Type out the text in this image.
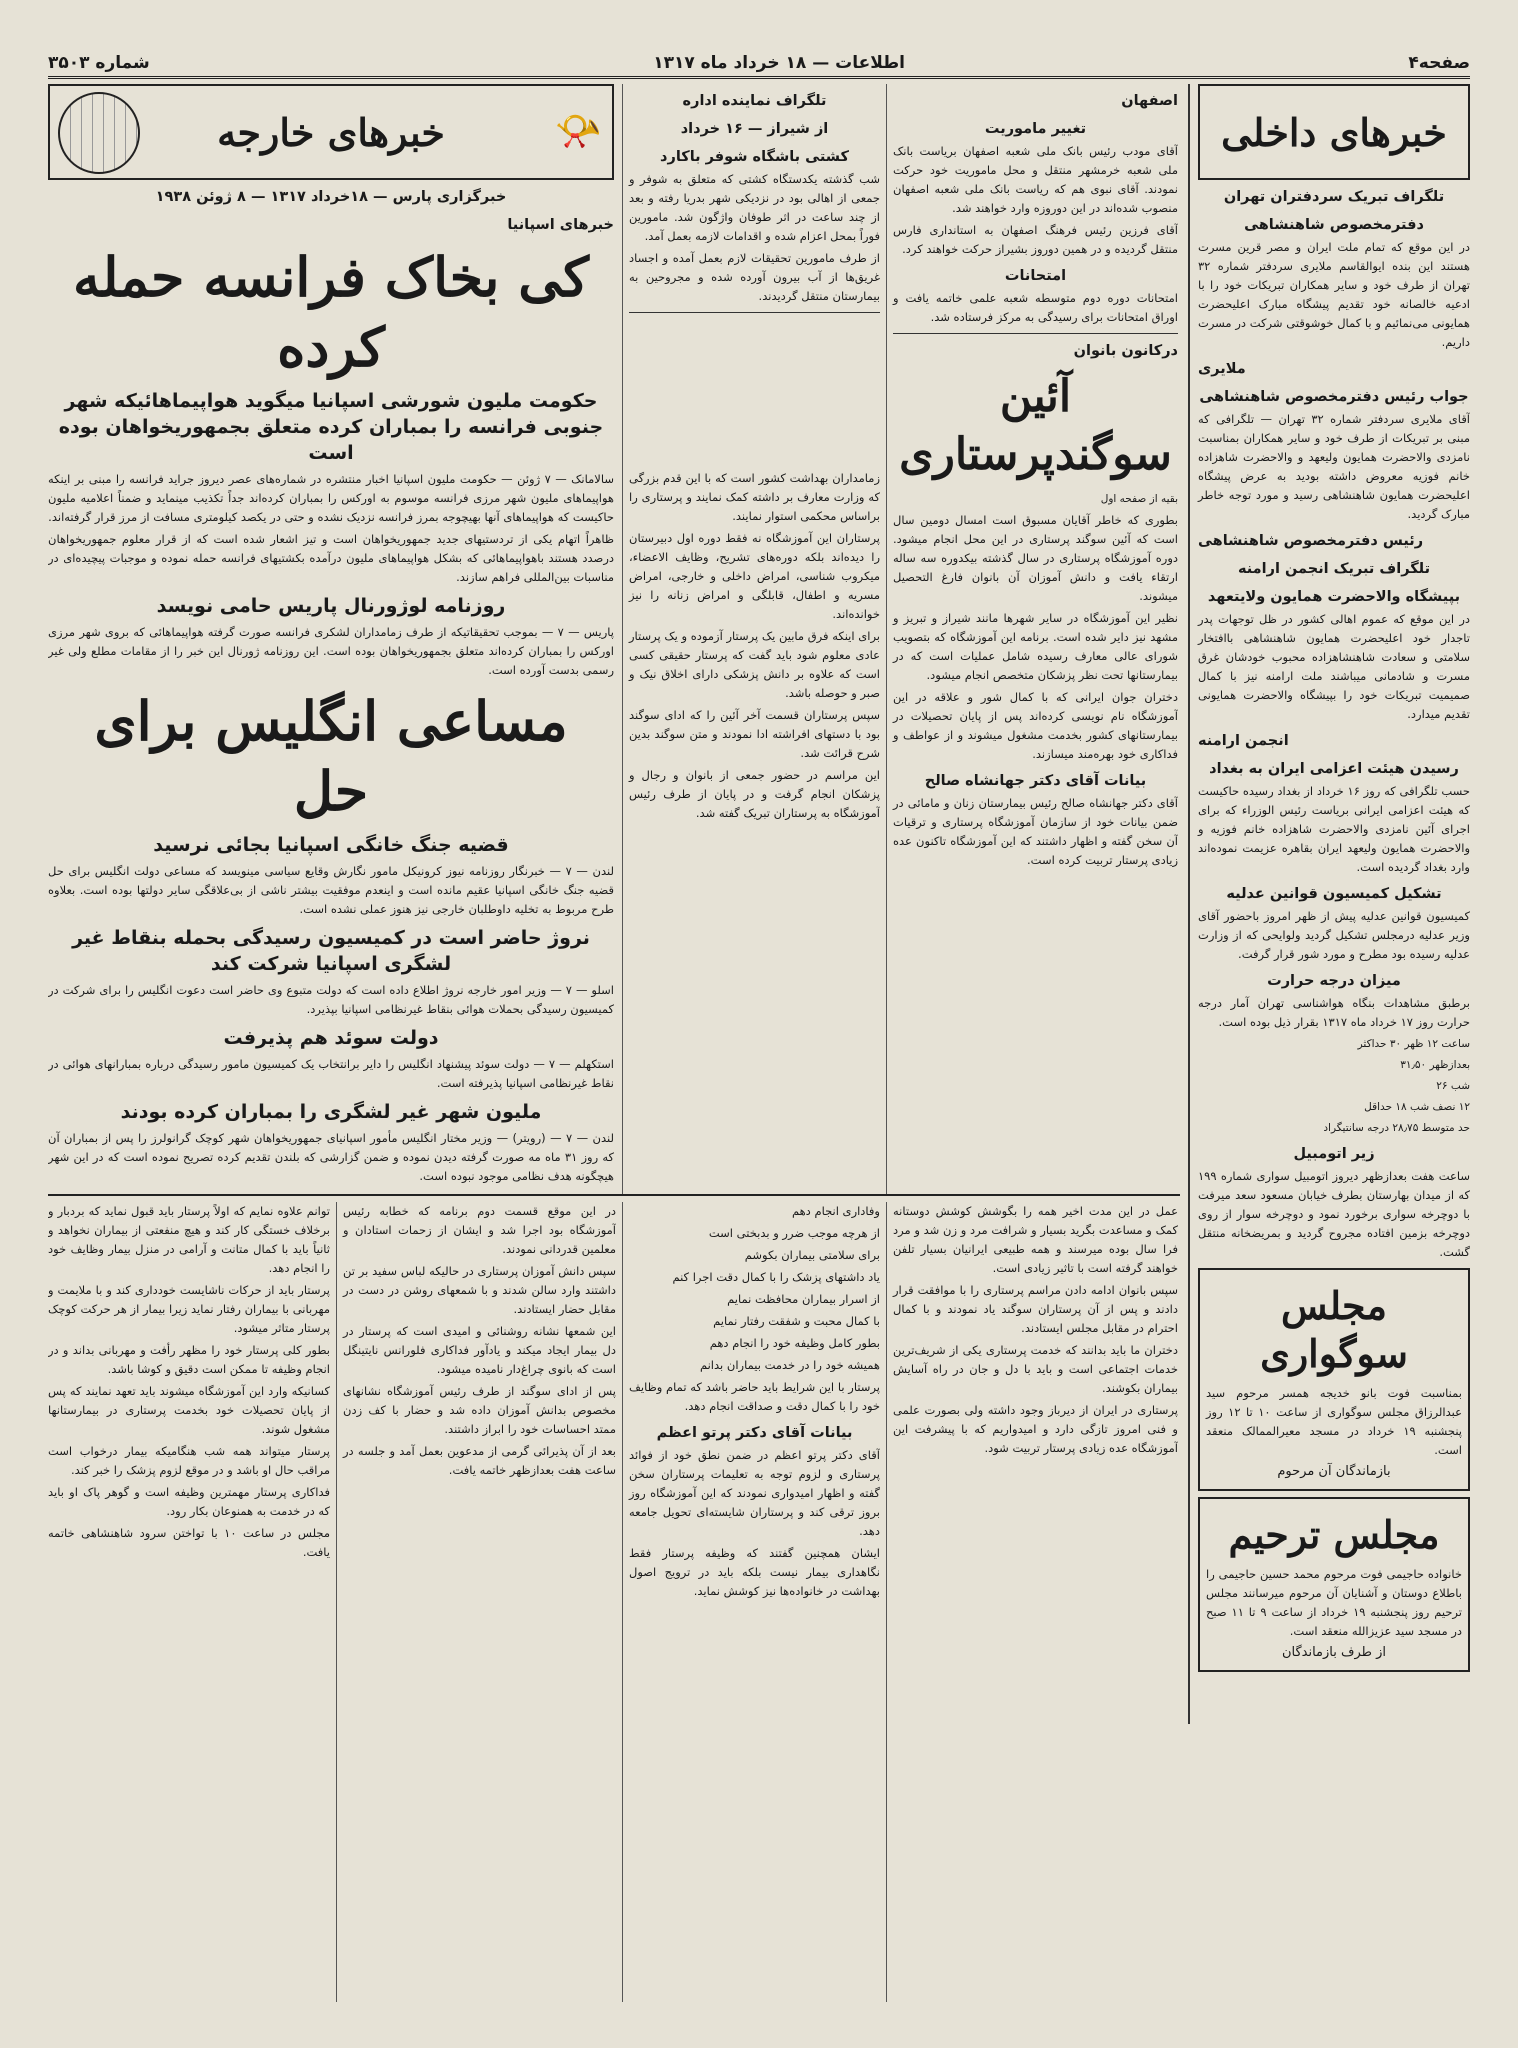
صفحه۴
اطلاعات — ۱۸ خرداد ماه ۱۳۱۷
شماره ۳۵۰۳
خبرهای داخلی
تلگراف تبریک سردفتران تهران
دفترمخصوص شاهنشاهی

در این موقع که تمام ملت ایران و مصر قرین مسرت هستند این بنده ایوالقاسم ملایری سردفتر شماره ۳۲ تهران از طرف خود و سایر همکاران تبریکات خود را با ادعیه خالصانه خود تقدیم پیشگاه مبارک اعلیحضرت همایونی می‌نمائیم و با کمال خوشوقتی شرکت در مسرت داریم.

ملایری
جواب رئیس دفترمخصوص شاهنشاهی

آقای ملایری سردفتر شماره ۳۲ تهران — تلگرافی که مبنی بر تبریکات از طرف خود و سایر همکاران بمناسبت نامزدی والاحضرت همایون ولیعهد و والاحضرت شاهزاده خانم فوزیه معروض داشته بودید به عرض پیشگاه اعلیحضرت همایون شاهنشاهی رسید و مورد توجه خاطر مبارک گردید.

رئیس دفترمخصوص شاهنشاهی
تلگراف تبریک انجمن ارامنه
بپیشگاه والاحضرت همایون ولایتعهد

در این موقع که عموم اهالی کشور در ظل توجهات پدر تاجدار خود اعلیحضرت همایون شاهنشاهی باافتخار سلامتی و سعادت شاهنشاهزاده محبوب خودشان غرق مسرت و شادمانی میباشند ملت ارامنه نیز با کمال صمیمیت تبریکات خود را بپیشگاه والاحضرت همایونی تقدیم میدارد.

انجمن ارامنه
رسیدن هیئت اعزامی ایران به بغداد

حسب تلگرافی که روز ۱۶ خرداد از بغداد رسیده حاکیست که هیئت اعزامی ایرانی بریاست رئیس الوزراء که برای اجرای آئین نامزدی والاحضرت شاهزاده خانم فوزیه و والاحضرت همایون ولیعهد ایران بقاهره عزیمت نموده‌اند وارد بغداد گردیده است.

تشکیل کمیسیون قوانین عدلیه

کمیسیون قوانین عدلیه پیش از ظهر امروز باحضور آقای وزیر عدلیه درمجلس تشکیل گردید ولوایحی که از وزارت عدلیه رسیده بود مطرح و مورد شور قرار گرفت.

میزان درجه حرارت

برطبق مشاهدات بنگاه هواشناسی تهران آمار درجه حرارت روز ۱۷ خرداد ماه ۱۳۱۷ بقرار ذیل بوده است.

ساعت ۱۲ ظهر ۳۰ حداکثر
بعدازظهر ۳۱٫۵۰
شب ۲۶
۱۲ نصف شب ۱۸ حداقل
حد متوسط ۲۸٫۷۵ درجه سانتیگراد
زیر اتومبیل

ساعت هفت بعدازظهر دیروز اتومبیل سواری شماره ۱۹۹ که از میدان بهارستان بطرف خیابان مسعود سعد میرفت با دوچرخه سواری برخورد نمود و دوچرخه سوار از روی دوچرخه بزمین افتاده مجروح گردید و بمریضخانه منتقل گشت.

مجلس سوگواری

بمناسبت فوت بانو خدیجه همسر مرحوم سید عبدالرزاق مجلس سوگواری از ساعت ۱۰ تا ۱۲ روز پنجشنبه ۱۹ خرداد در مسجد معیرالممالک منعقد است.

بازماندگان آن مرحوم
مجلس ترحیم

خانواده حاجیمی فوت مرحوم محمد حسین حاجیمی را باطلاع دوستان و آشنایان آن مرحوم میرسانند مجلس ترحیم روز پنجشنبه ۱۹ خرداد از ساعت ۹ تا ۱۱ صبح در مسجد سید عزیزالله منعقد است.

از طرف بازماندگان
اصفهان
تغییر ماموریت

آقای مودب رئیس بانک ملی شعبه اصفهان بریاست بانک ملی شعبه خرمشهر منتقل و محل ماموریت خود حرکت نمودند. آقای نبوی هم که ریاست بانک ملی شعبه اصفهان منصوب شده‌اند در این دوروزه وارد خواهند شد.

آقای فرزین رئیس فرهنگ اصفهان به استانداری فارس منتقل گردیده و در همین دوروز بشیراز حرکت خواهند کرد.

امتحانات

امتحانات دوره دوم متوسطه شعبه علمی خاتمه یافت و اوراق امتحانات برای رسیدگی به مرکز فرستاده شد.

درکانون بانوان
آئین سوگندپرستاری
بقیه از صفحه اول

بطوری که خاطر آقایان مسبوق است امسال دومین سال است که آئین سوگند پرستاری در این محل انجام میشود. دوره آموزشگاه پرستاری در سال گذشته بیکدوره سه ساله ارتقاء یافت و دانش آموزان آن بانوان فارغ التحصیل میشوند.

نظیر این آموزشگاه در سایر شهرها مانند شیراز و تبریز و مشهد نیز دایر شده است. برنامه این آموزشگاه که بتصویب شورای عالی معارف رسیده شامل عملیات است که در بیمارستانها تحت نظر پزشکان متخصص انجام میشود.

دختران جوان ایرانی که با کمال شور و علاقه در این آموزشگاه نام نویسی کرده‌اند پس از پایان تحصیلات در بیمارستانهای کشور بخدمت مشغول میشوند و از عواطف و فداکاری خود بهره‌مند میسازند.

بیانات آقای دکتر جهانشاه صالح

آقای دکتر جهانشاه صالح رئیس بیمارستان زنان و مامائی در ضمن بیانات خود از سازمان آموزشگاه پرستاری و ترقیات آن سخن گفته و اظهار داشتند که این آموزشگاه تاکنون عده زیادی پرستار تربیت کرده است.

تلگراف نماینده اداره
از شیراز — ۱۶ خرداد
کشتی باشگاه شوفر باکارد

شب گذشته یکدستگاه کشتی که متعلق به شوفر و جمعی از اهالی بود در نزدیکی شهر بدریا رفته و بعد از چند ساعت در اثر طوفان واژگون شد. مامورین فوراً بمحل اعزام شده و اقدامات لازمه بعمل آمد.

از طرف مامورین تحقیقات لازم بعمل آمده و اجساد غریق‌ها از آب بیرون آورده شده و مجروحین به بیمارستان منتقل گردیدند.

زمامداران بهداشت کشور است که با این قدم بزرگی که وزارت معارف بر داشته کمک نمایند و پرستاری را براساس محکمی استوار نمایند.

پرستاران این آموزشگاه نه فقط دوره اول دبیرستان را دیده‌اند بلکه دوره‌های تشریح، وظایف الاعضاء، میکروب شناسی، امراض داخلی و خارجی، امراض مسریه و اطفال، قابلگی و امراض زنانه را نیز خوانده‌اند.

برای اینکه فرق مابین یک پرستار آزموده و یک پرستار عادی معلوم شود باید گفت که پرستار حقیقی کسی است که علاوه بر دانش پزشکی دارای اخلاق نیک و صبر و حوصله باشد.

سپس پرستاران قسمت آخر آئین را که ادای سوگند بود با دستهای افراشته ادا نمودند و متن سوگند بدین شرح قرائت شد.

این مراسم در حضور جمعی از بانوان و رجال و پزشکان انجام گرفت و در پایان از طرف رئیس آموزشگاه به پرستاران تبریک گفته شد.

خبرهای خارجه	📯
خبرگزاری پارس — ۱۸خرداد ۱۳۱۷ — ۸ ژوئن ۱۹۳۸
خبرهای اسپانیا
کی بخاک فرانسه حمله کرده
حکومت ملیون شورشی اسپانیا میگوید هواپیماهائیکه شهر جنوبی فرانسه را بمباران کرده متعلق بجمهوریخواهان بوده است

سالامانک — ۷ ژوئن — حکومت ملیون اسپانیا اخبار منتشره در شماره‌های عصر دیروز جراید فرانسه را مبنی بر اینکه هواپیماهای ملیون شهر مرزی فرانسه موسوم به اورکس را بمباران کرده‌اند جداً تکذیب مینماید و ضمناً اعلامیه ملیون حاکیست که هواپیماهای آنها بهیچوجه بمرز فرانسه نزدیک نشده و حتی در یکصد کیلومتری مسافت از مرز قرار گرفته‌اند.

ظاهراً اتهام یکی از تردستیهای جدید جمهوریخواهان است و تیز اشعار شده است که از قرار معلوم جمهوریخواهان درصدد هستند باهواپیماهائی که بشکل هواپیماهای ملیون درآمده بکشتیهای فرانسه حمله نموده و موجبات پیچیده‌ای در مناسبات بین‌المللی فراهم سازند.

روزنامه لوژورنال پاریس حامی نویسد

پاریس — ۷ — بموجب تحقیقاتیکه از طرف زمامداران لشکری فرانسه صورت گرفته هواپیماهائی که بروی شهر مرزی اورکس را بمباران کرده‌اند متعلق بجمهوریخواهان بوده است. این روزنامه ژورنال این خبر را از مقامات مطلع ولی غیر رسمی بدست آورده است.

مساعی انگلیس برای حل
قضیه جنگ خانگی اسپانیا بجائی نرسید

لندن — ۷ — خبرنگار روزنامه نیوز کرونیکل مامور نگارش وقایع سیاسی مینویسد که مساعی دولت انگلیس برای حل قضیه جنگ خانگی اسپانیا عقیم مانده است و اینعدم موفقیت بیشتر ناشی از بی‌علاقگی سایر دولتها بوده است. بعلاوه طرح مربوط به تخلیه داوطلبان خارجی نیز هنوز عملی نشده است.

نروژ حاضر است در کمیسیون رسیدگی بحمله بنقاط غیر لشگری اسپانیا شرکت کند

اسلو — ۷ — وزیر امور خارجه نروژ اطلاع داده است که دولت متبوع وی حاضر است دعوت انگلیس را برای شرکت در کمیسیون رسیدگی بحملات هوائی بنقاط غیرنظامی اسپانیا بپذیرد.

دولت سوئد هم پذیرفت

استکهلم — ۷ — دولت سوئد پیشنهاد انگلیس را دایر برانتخاب یک کمیسیون مامور رسیدگی درباره بمبارانهای هوائی در نقاط غیرنظامی اسپانیا پذیرفته است.

ملیون شهر غیر لشگری را بمباران کرده بودند

لندن — ۷ — (رویتر) — وزیر مختار انگلیس مأمور اسپانیای جمهوریخواهان شهر کوچک گرانولرز را پس از بمباران آن که روز ۳۱ ماه مه صورت گرفته دیدن نموده و ضمن گزارشی که بلندن تقدیم کرده تصریح نموده است که در این شهر هیچگونه هدف نظامی موجود نبوده است.

عمل در این مدت اخیر همه را بگوشش کوشش دوستانه کمک و مساعدت بگرید بسیار و شرافت مرد و زن شد و مرد فرا سال بوده میرسند و همه طبیعی ایرانیان بسیار تلفن خواهند گرفته است با تاثیر زیادی است.

سپس بانوان ادامه دادن مراسم پرستاری را با موافقت قرار دادند و پس از آن پرستاران سوگند یاد نمودند و با کمال احترام در مقابل مجلس ایستادند.

دختران ما باید بدانند که خدمت پرستاری یکی از شریف‌ترین خدمات اجتماعی است و باید با دل و جان در راه آسایش بیماران بکوشند.

پرستاری در ایران از دیرباز وجود داشته ولی بصورت علمی و فنی امروز تازگی دارد و امیدواریم که با پیشرفت این آموزشگاه عده زیادی پرستار تربیت شود.

وفاداری انجام دهم
از هرچه موجب ضرر و بدبختی است
برای سلامتی بیماران بکوشم
یاد داشتهای پزشک را با کمال دقت اجرا کنم
از اسرار بیماران محافظت نمایم
با کمال محبت و شفقت رفتار نمایم
بطور کامل وظیفه خود را انجام دهم
همیشه خود را در خدمت بیماران بدانم

پرستار با این شرایط باید حاضر باشد که تمام وظایف خود را با کمال دقت و صداقت انجام دهد.

بیانات آقای دکتر پرتو اعظم

آقای دکتر پرتو اعظم در ضمن نطق خود از فوائد پرستاری و لزوم توجه به تعلیمات پرستاران سخن گفته و اظهار امیدواری نمودند که این آموزشگاه روز بروز ترقی کند و پرستاران شایسته‌ای تحویل جامعه دهد.

ایشان همچنین گفتند که وظیفه پرستار فقط نگاهداری بیمار نیست بلکه باید در ترویج اصول بهداشت در خانواده‌ها نیز کوشش نماید.

در این موقع قسمت دوم برنامه که خطابه رئیس آموزشگاه بود اجرا شد و ایشان از زحمات استادان و معلمین قدردانی نمودند.

سپس دانش آموزان پرستاری در حالیکه لباس سفید بر تن داشتند وارد سالن شدند و با شمعهای روشن در دست در مقابل حضار ایستادند.

این شمعها نشانه روشنائی و امیدی است که پرستار در دل بیمار ایجاد میکند و یادآور فداکاری فلورانس نایتینگل است که بانوی چراغ‌دار نامیده میشود.

پس از ادای سوگند از طرف رئیس آموزشگاه نشانهای مخصوص بدانش آموزان داده شد و حضار با کف زدن ممتد احساسات خود را ابراز داشتند.

بعد از آن پذیرائی گرمی از مدعوین بعمل آمد و جلسه در ساعت هفت بعدازظهر خاتمه یافت.

توانم علاوه نمایم که اولاً پرستار باید قبول نماید که بردبار و برخلاف خستگی کار کند و هیچ منفعتی از بیماران نخواهد و ثانیاً باید با کمال متانت و آرامی در منزل بیمار وظایف خود را انجام دهد.

پرستار باید از حرکات ناشایست خودداری کند و با ملایمت و مهربانی با بیماران رفتار نماید زیرا بیمار از هر حرکت کوچک پرستار متاثر میشود.

بطور کلی پرستار خود را مظهر رأفت و مهربانی بداند و در انجام وظیفه تا ممکن است دقیق و کوشا باشد.

کسانیکه وارد این آموزشگاه میشوند باید تعهد نمایند که پس از پایان تحصیلات خود بخدمت پرستاری در بیمارستانها مشغول شوند.

پرستار میتواند همه شب هنگامیکه بیمار درخواب است مراقب حال او باشد و در موقع لزوم پزشک را خبر کند.

فداکاری پرستار مهمترین وظیفه است و گوهر پاک او باید که در خدمت به همنوعان بکار رود.

مجلس در ساعت ۱۰ با تواختن سرود شاهنشاهی خاتمه یافت.
